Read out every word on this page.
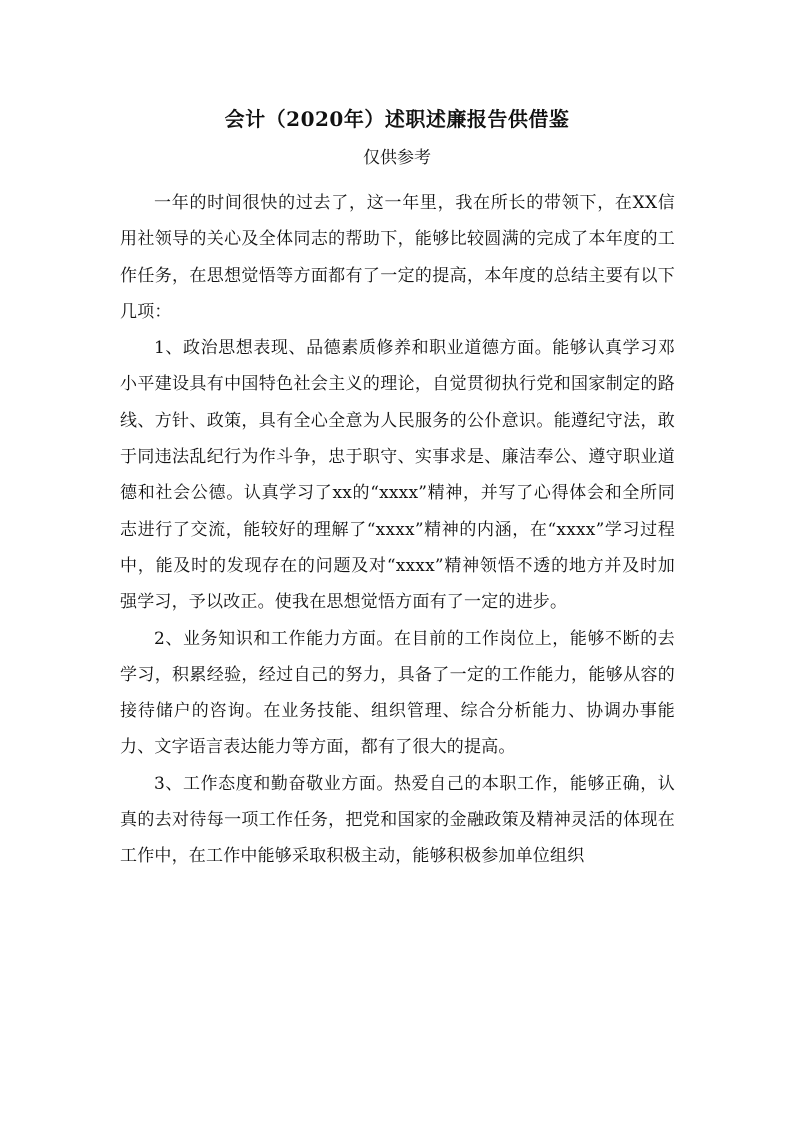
会计（2020年）述职述廉报告供借鉴
仅供参考

一年的时间很快的过去了，这一年里，我在所长的带领下，在XX信用社领导的关心及全体同志的帮助下，能够比较圆满的完成了本年度的工作任务，在思想觉悟等方面都有了一定的提高，本年度的总结主要有以下几项：

1、政治思想表现、品德素质修养和职业道德方面。能够认真学习邓小平建设具有中国特色社会主义的理论，自觉贯彻执行党和国家制定的路线、方针、政策，具有全心全意为人民服务的公仆意识。能遵纪守法，敢于同违法乱纪行为作斗争，忠于职守、实事求是、廉洁奉公、遵守职业道德和社会公德。认真学习了xx的“xxxx”精神，并写了心得体会和全所同志进行了交流，能较好的理解了“xxxx”精神的内涵，在“xxxx”学习过程中，能及时的发现存在的问题及对“xxxx”精神领悟不透的地方并及时加强学习，予以改正。使我在思想觉悟方面有了一定的进步。

2、业务知识和工作能力方面。在目前的工作岗位上，能够不断的去学习，积累经验，经过自己的努力，具备了一定的工作能力，能够从容的接待储户的咨询。在业务技能、组织管理、综合分析能力、协调办事能力、文字语言表达能力等方面，都有了很大的提高。

3、工作态度和勤奋敬业方面。热爱自己的本职工作，能够正确，认真的去对待每一项工作任务，把党和国家的金融政策及精神灵活的体现在工作中，在工作中能够采取积极主动，能够积极参加单位组织
